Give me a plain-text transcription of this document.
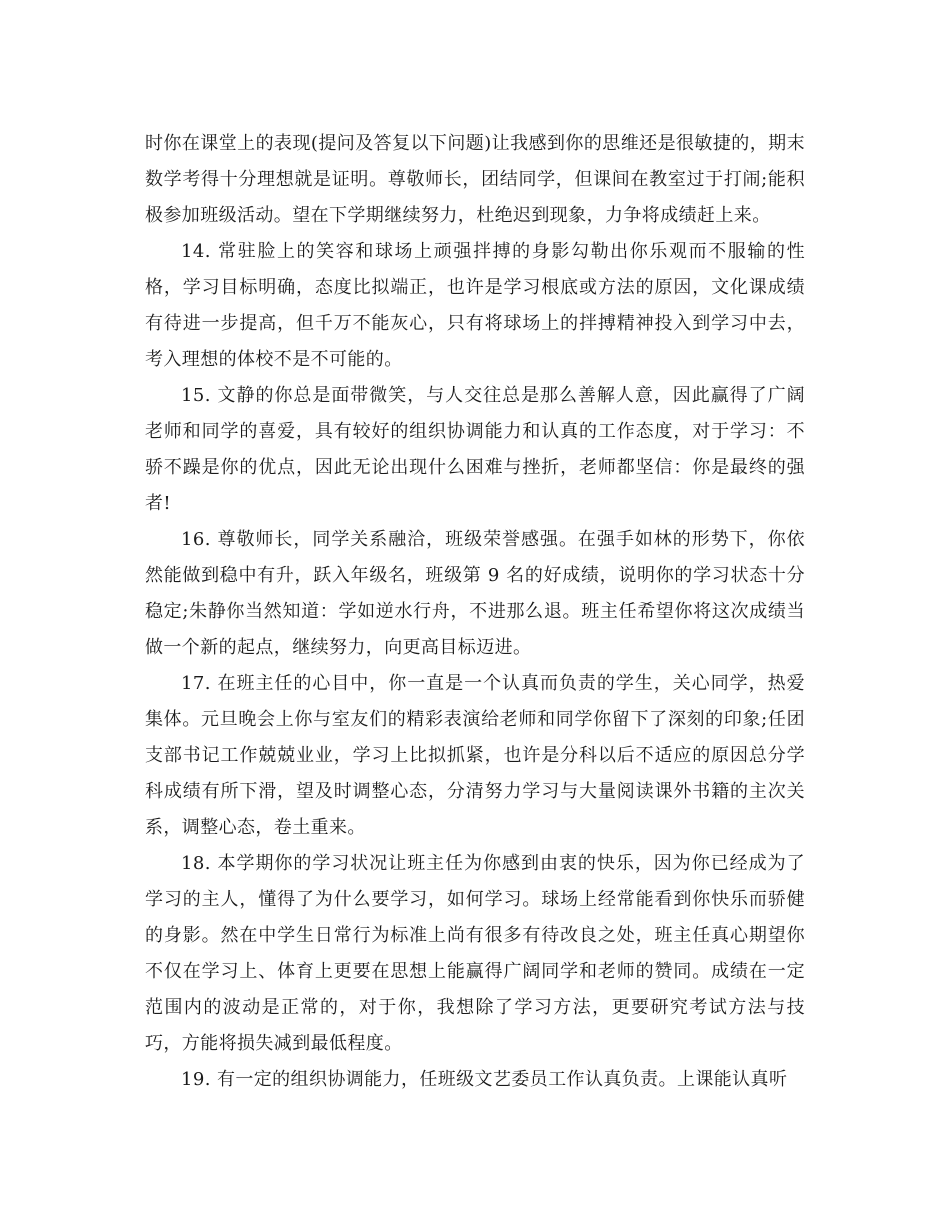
时你在课堂上的表现(提问及答复以下问题)让我感到你的思维还是很敏捷的，期末数学考得十分理想就是证明。尊敬师长，团结同学，但课间在教室过于打闹;能积极参加班级活动。望在下学期继续努力，杜绝迟到现象，力争将成绩赶上来。

14. 常驻脸上的笑容和球场上顽强拌搏的身影勾勒出你乐观而不服输的性格，学习目标明确，态度比拟端正，也许是学习根底或方法的原因，文化课成绩有待进一步提高，但千万不能灰心，只有将球场上的拌搏精神投入到学习中去，考入理想的体校不是不可能的。

15. 文静的你总是面带微笑，与人交往总是那么善解人意，因此赢得了广阔老师和同学的喜爱，具有较好的组织协调能力和认真的工作态度，对于学习：不骄不躁是你的优点，因此无论出现什么困难与挫折，老师都坚信：你是最终的强者!

16. 尊敬师长，同学关系融洽，班级荣誉感强。在强手如林的形势下，你依然能做到稳中有升，跃入年级名，班级第 9 名的好成绩，说明你的学习状态十分稳定;朱静你当然知道：学如逆水行舟，不进那么退。班主任希望你将这次成绩当做一个新的起点，继续努力，向更高目标迈进。

17. 在班主任的心目中，你一直是一个认真而负责的学生，关心同学，热爱集体。元旦晚会上你与室友们的精彩表演给老师和同学你留下了深刻的印象;任团支部书记工作兢兢业业，学习上比拟抓紧，也许是分科以后不适应的原因总分学科成绩有所下滑，望及时调整心态，分清努力学习与大量阅读课外书籍的主次关系，调整心态，卷土重来。

18. 本学期你的学习状况让班主任为你感到由衷的快乐，因为你已经成为了学习的主人，懂得了为什么要学习，如何学习。球场上经常能看到你快乐而骄健的身影。然在中学生日常行为标准上尚有很多有待改良之处，班主任真心期望你不仅在学习上、体育上更要在思想上能赢得广阔同学和老师的赞同。成绩在一定范围内的波动是正常的，对于你，我想除了学习方法，更要研究考试方法与技巧，方能将损失减到最低程度。

19. 有一定的组织协调能力，任班级文艺委员工作认真负责。上课能认真听
